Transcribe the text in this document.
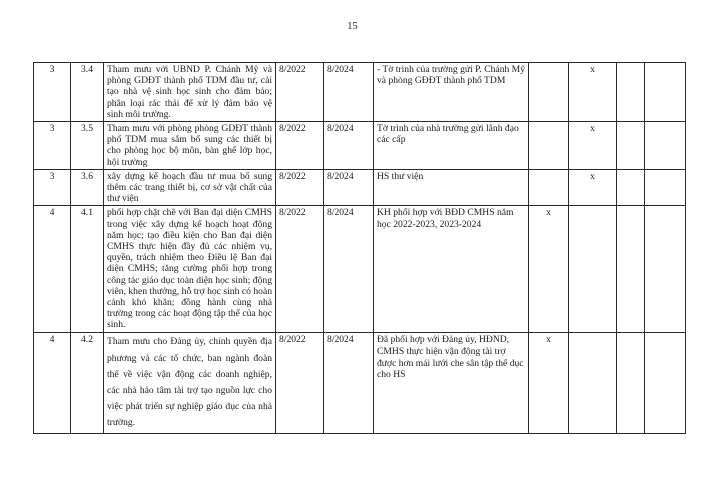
15
3	3.4	Tham mưu với UBND P. Chánh Mỹ và phòng GDĐT thành phố TDM đầu tư, cải tạo nhà vệ sinh học sinh cho đảm bảo; phân loại rác thải để xử lý đảm bảo vệ sinh môi trường.	8/2022	8/2024	- Tờ trình của trường gửi P. Chánh Mỹ và phòng GĐĐT thành phố TDM		x		
3	3.5	Tham mưu với phòng phòng GDĐT thành phố TDM mua sắm bổ sung các thiết bị cho phòng học bộ môn, bàn ghế lớp học, hội trường	8/2022	8/2024	Tờ trình của nhà trường gửi lãnh đạo các cấp		x		
3	3.6	xây dựng kế hoạch đầu tư mua bổ sung thêm các trang thiết bị, cơ sở vật chất của thư viện	8/2022	8/2024	HS thư viện		x		
4	4.1	phối hợp chặt chẽ với Ban đại diện CMHS trong việc xây dựng kế hoạch hoạt động năm học; tạo điều kiện cho Ban đại diện CMHS thực hiện đầy đủ các nhiệm vụ, quyền, trách nhiệm theo Điều lệ Ban đại diện CMHS; tăng cường phối hợp trong công tác giáo dục toàn diện học sinh; động viên, khen thưởng, hỗ trợ học sinh có hoàn cảnh khó khăn; đồng hành cùng nhà trường trong các hoạt động tập thể của học sinh.	8/2022	8/2024	KH phối hợp với BĐD CMHS năm học 2022-2023, 2023-2024	x			
4	4.2	Tham mưu cho Đảng ủy, chính quyền địa phương và các tổ chức, ban ngành đoàn thể về việc vận động các doanh nghiệp, các nhà hảo tâm tài trợ tạo nguồn lực cho việc phát triển sự nghiệp giáo dục của nhà trường.	8/2022	8/2024	Đã phối hợp với Đảng ủy, HĐND, CMHS thực hiện vận động tài trợ được hơn mái lưới che sân tập thể dục cho HS	x			
